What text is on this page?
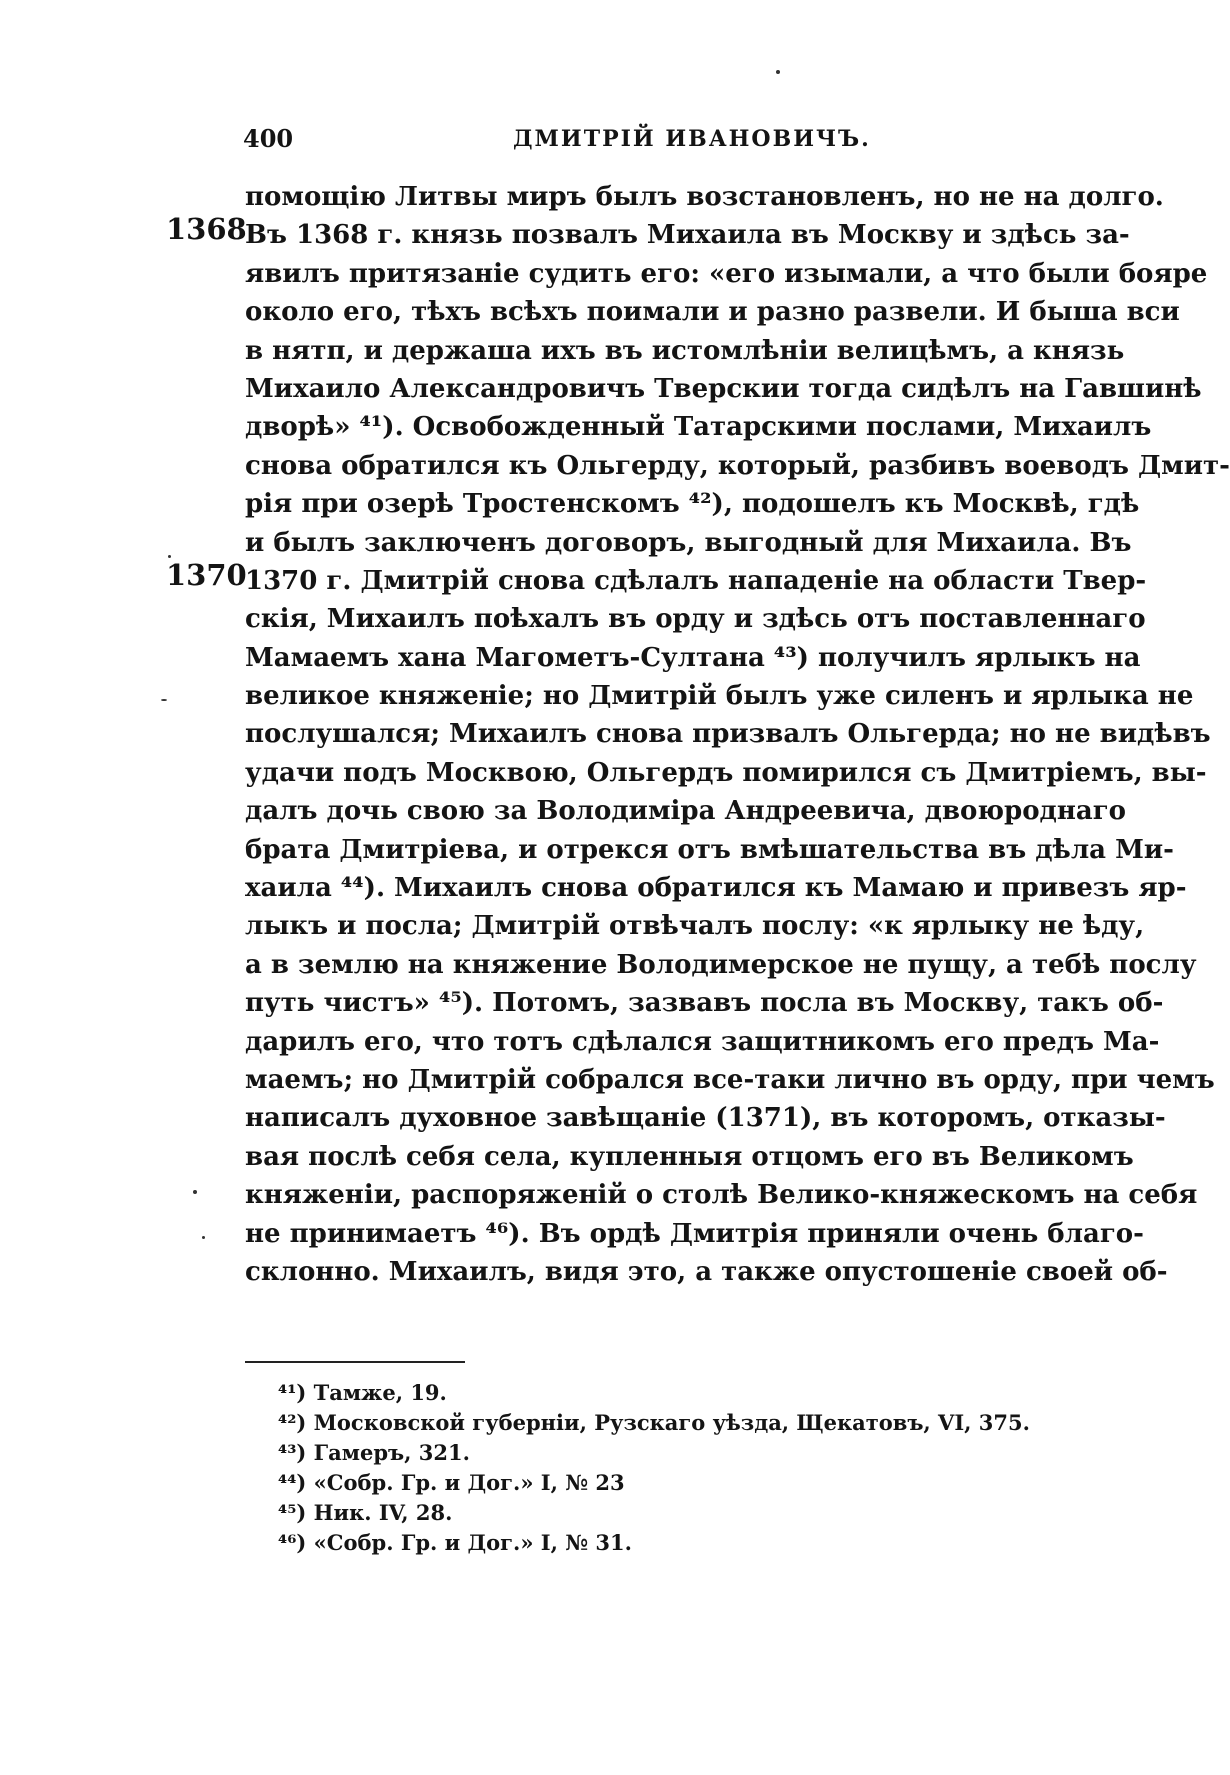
400	ДМИТРІЙ ИВАНОВИЧЪ.
1368
1370
помощію Литвы миръ былъ возстановленъ, но не на долго.
Въ 1368 г. князь позвалъ Михаила въ Москву и здѣсь за-
явилъ притязаніе судить его: «его изымали, а что были бояре
около его, тѣхъ всѣхъ поимали и разно развели. И быша вси
в нятп, и держаша ихъ въ истомлѣніи велицѣмъ, а князь
Михаило Александровичъ Тверскии тогда сидѣлъ на Гавшинѣ
дворѣ» ⁴¹). Освобожденный Татарскими послами, Михаилъ
снова обратился къ Ольгерду, который, разбивъ воеводъ Дмит-
рія при озерѣ Тростенскомъ ⁴²), подошелъ къ Москвѣ, гдѣ
и былъ заключенъ договоръ, выгодный для Михаила. Въ
1370 г. Дмитрій снова сдѣлалъ нападеніе на области Твер-
скія, Михаилъ поѣхалъ въ орду и здѣсь отъ поставленнаго
Мамаемъ хана Магометъ-Султана ⁴³) получилъ ярлыкъ на
великое княженіе; но Дмитрій былъ уже силенъ и ярлыка не
послушался; Михаилъ снова призвалъ Ольгерда; но не видѣвъ
удачи подъ Москвою, Ольгердъ помирился съ Дмитріемъ, вы-
далъ дочь свою за Володиміра Андреевича, двоюроднаго
брата Дмитріева, и отрекся отъ вмѣшательства въ дѣла Ми-
хаила ⁴⁴). Михаилъ снова обратился къ Мамаю и привезъ яр-
лыкъ и посла; Дмитрій отвѣчалъ послу: «к ярлыку не ѣду,
а в землю на княжение Володимерское не пущу, а тебѣ послу
путь чистъ» ⁴⁵). Потомъ, зазвавъ посла въ Москву, такъ об-
дарилъ его, что тотъ сдѣлался защитникомъ его предъ Ма-
маемъ; но Дмитрій собрался все-таки лично въ орду, при чемъ
написалъ духовное завѣщаніе (1371), въ которомъ, отказы-
вая послѣ себя села, купленныя отцомъ его въ Великомъ
княженіи, распоряженій о столѣ Велико-княжескомъ на себя
не принимаетъ ⁴⁶). Въ ордѣ Дмитрія приняли очень благо-
склонно. Михаилъ, видя это, а также опустошеніе своей об-
⁴¹) Тамже, 19.
⁴²) Московской губерніи, Рузскаго уѣзда, Щекатовъ, VI, 375.
⁴³) Гамеръ, 321.
⁴⁴) «Собр. Гр. и Дог.» I, № 23
⁴⁵) Ник. IV, 28.
⁴⁶) «Собр. Гр. и Дог.» I, № 31.
